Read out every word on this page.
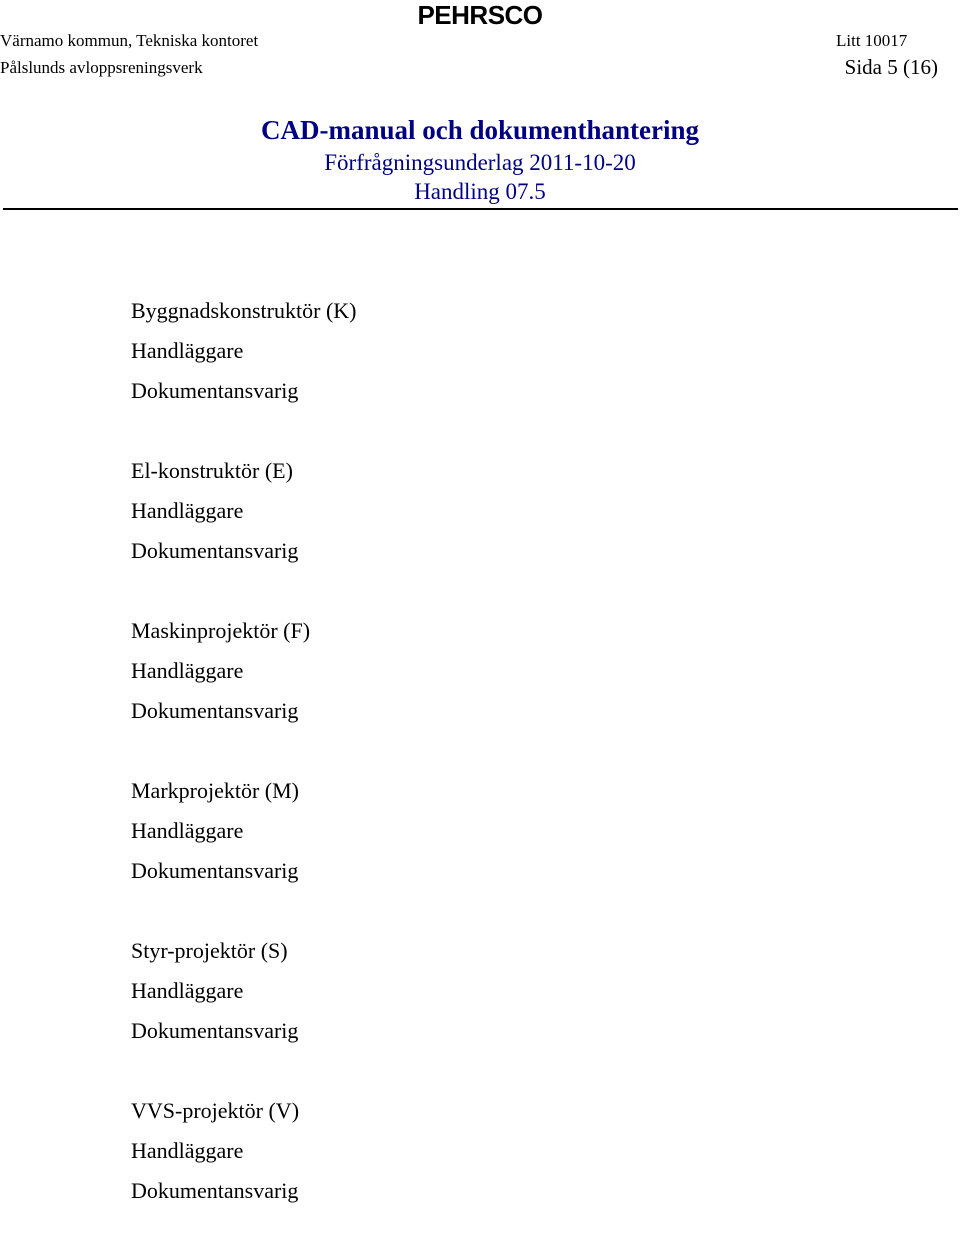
PEHRSCO
Värnamo kommun, Tekniska kontoret
Pålslunds avloppsreningsverk
Litt 10017
Sida 5 (16)

CAD-manual och dokumenthantering

Förfrågningsunderlag 2011-10-20

Handling 07.5

Byggnadskonstruktör (K)
Handläggare
Dokumentansvarig
El-konstruktör (E)
Handläggare
Dokumentansvarig
Maskinprojektör (F)
Handläggare
Dokumentansvarig
Markprojektör (M)
Handläggare
Dokumentansvarig
Styr-projektör (S)
Handläggare
Dokumentansvarig
VVS-projektör (V)
Handläggare
Dokumentansvarig
